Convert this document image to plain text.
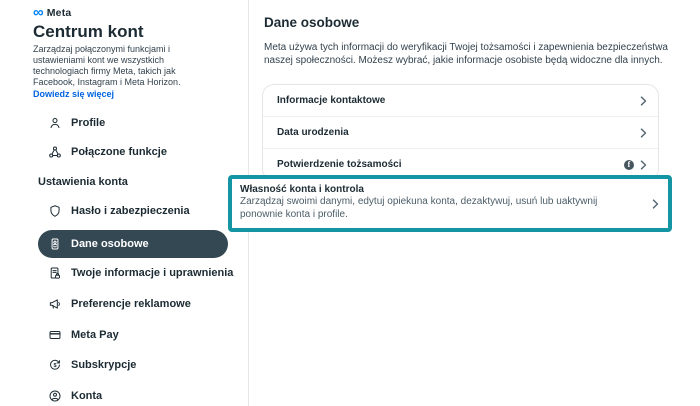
∞ Meta
Centrum kont
Zarządzaj połączonymi funkcjami i ustawieniami kont we wszystkich technologiach firmy Meta, takich jak Facebook, Instagram i Meta Horizon.
Dowiedz się więcej
Profile
Połączone funkcje
Ustawienia konta
Hasło i zabezpieczenia
Dane osobowe
Twoje informacje i uprawnienia
Preferencje reklamowe
Meta Pay
$ Subskrypcje
Konta
Dane osobowe
Meta używa tych informacji do weryfikacji Twojej tożsamości i zapewnienia bezpieczeństwa naszej społeczności. Możesz wybrać, jakie informacje osobiste będą widoczne dla innych.
Informacje kontaktowe
Data urodzenia
Potwierdzenie tożsamości	f
Własność konta i kontrola
Zarządzaj swoimi danymi, edytuj opiekuna konta, dezaktywuj, usuń lub uaktywnij ponownie konta i profile.
